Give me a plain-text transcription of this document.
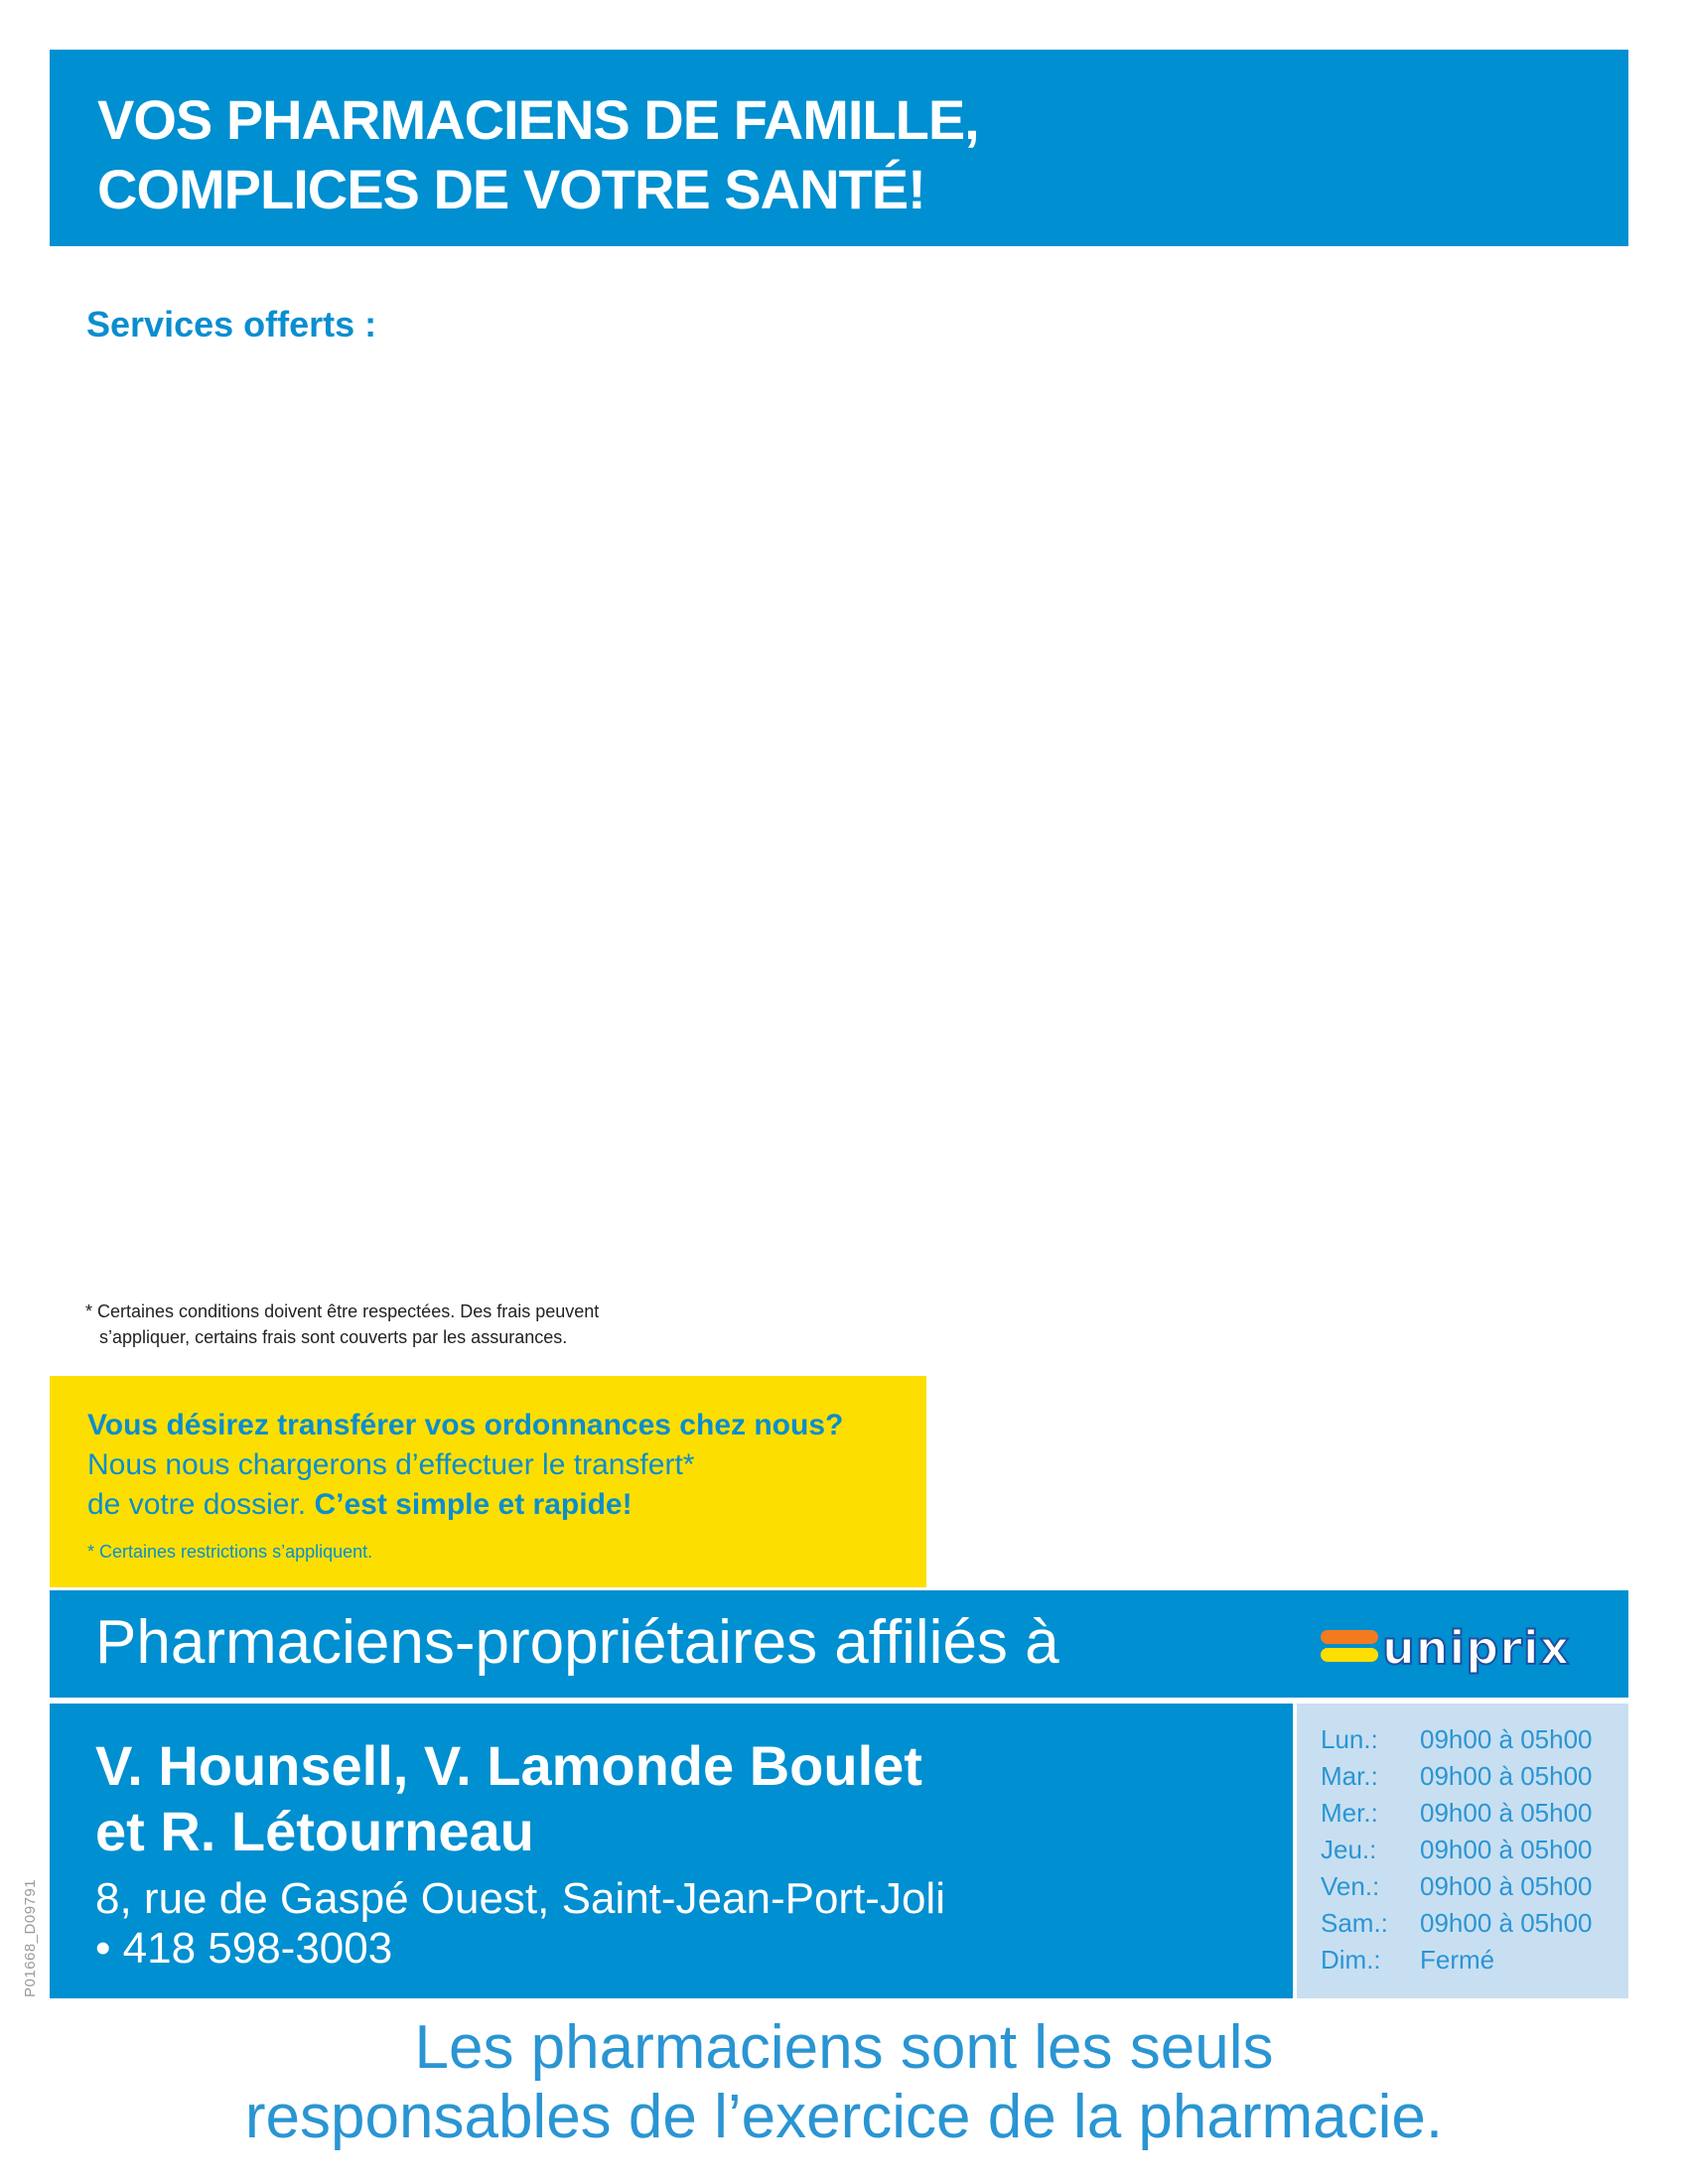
VOS PHARMACIENS DE FAMILLE,
COMPLICES DE VOTRE SANTÉ!
Services offerts :
* Certaines conditions doivent être respectées. Des frais peuvent
s’appliquer, certains frais sont couverts par les assurances.
Vous désirez transférer vos ordonnances chez nous?
Nous nous chargerons d’effectuer le transfert*
de votre dossier. C’est simple et rapide!
* Certaines restrictions s’appliquent.
Pharmaciens-propriétaires affiliés à	uniprix
V. Hounsell, V. Lamonde Boulet
et R. Létourneau
8, rue de Gaspé Ouest, Saint-Jean-Port-Joli
• 418 598-3003
Lun.:	09h00 à 05h00
Mar.:	09h00 à 05h00
Mer.:	09h00 à 05h00
Jeu.:	09h00 à 05h00
Ven.:	09h00 à 05h00
Sam.:	09h00 à 05h00
Dim.:	Fermé
P01668_D09791
Les pharmaciens sont les seuls
responsables de l’exercice de la pharmacie.
